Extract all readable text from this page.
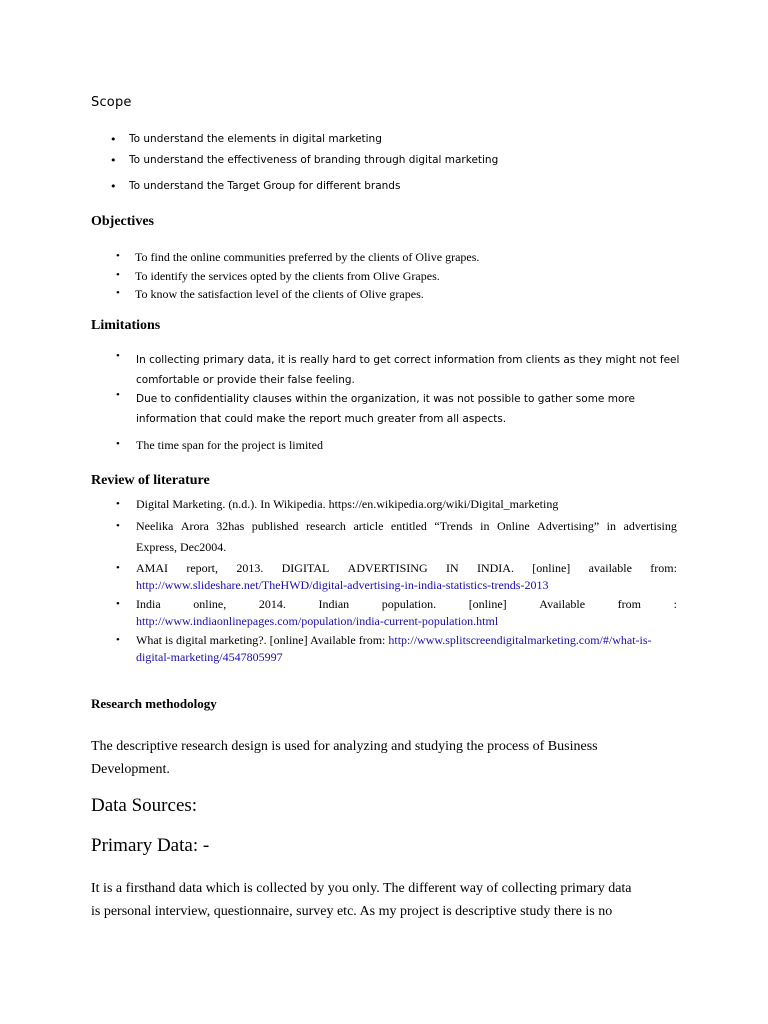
Scope
• To understand the elements in digital marketing
• To understand the effectiveness of branding through digital marketing
• To understand the Target Group for different brands
Objectives
• To find the online communities preferred by the clients of Olive grapes.
• To identify the services opted by the clients from Olive Grapes.
• To know the satisfaction level of the clients of Olive grapes.
Limitations
• In collecting primary data, it is really hard to get correct information from clients as they might not feel comfortable or provide their false feeling.
• Due to confidentiality clauses within the organization, it was not possible to gather some more information that could make the report much greater from all aspects.
• The time span for the project is limited
Review of literature
• Digital Marketing. (n.d.). In Wikipedia. https://en.wikipedia.org/wiki/Digital_marketing
• Neelika Arora 32has published research article entitled “Trends in Online Advertising” in advertising
Express, Dec2004.
• AMAI report, 2013. DIGITAL ADVERTISING IN INDIA. [online] available from:
http://www.slideshare.net/TheHWD/digital-advertising-in-india-statistics-trends-2013
• India	online,	2014.	Indian	population.	[online]	Available	from	:
http://www.indiaonlinepages.com/population/india-current-population.html
• What is digital marketing?. [online] Available from: http://www.splitscreendigitalmarketing.com/#/what-is-
digital-marketing/4547805997
Research methodology
The descriptive research design is used for analyzing and studying the process of Business
Development.
Data Sources:
Primary Data: -
It is a firsthand data which is collected by you only. The different way of collecting primary data
is personal interview, questionnaire, survey etc. As my project is descriptive study there is no
